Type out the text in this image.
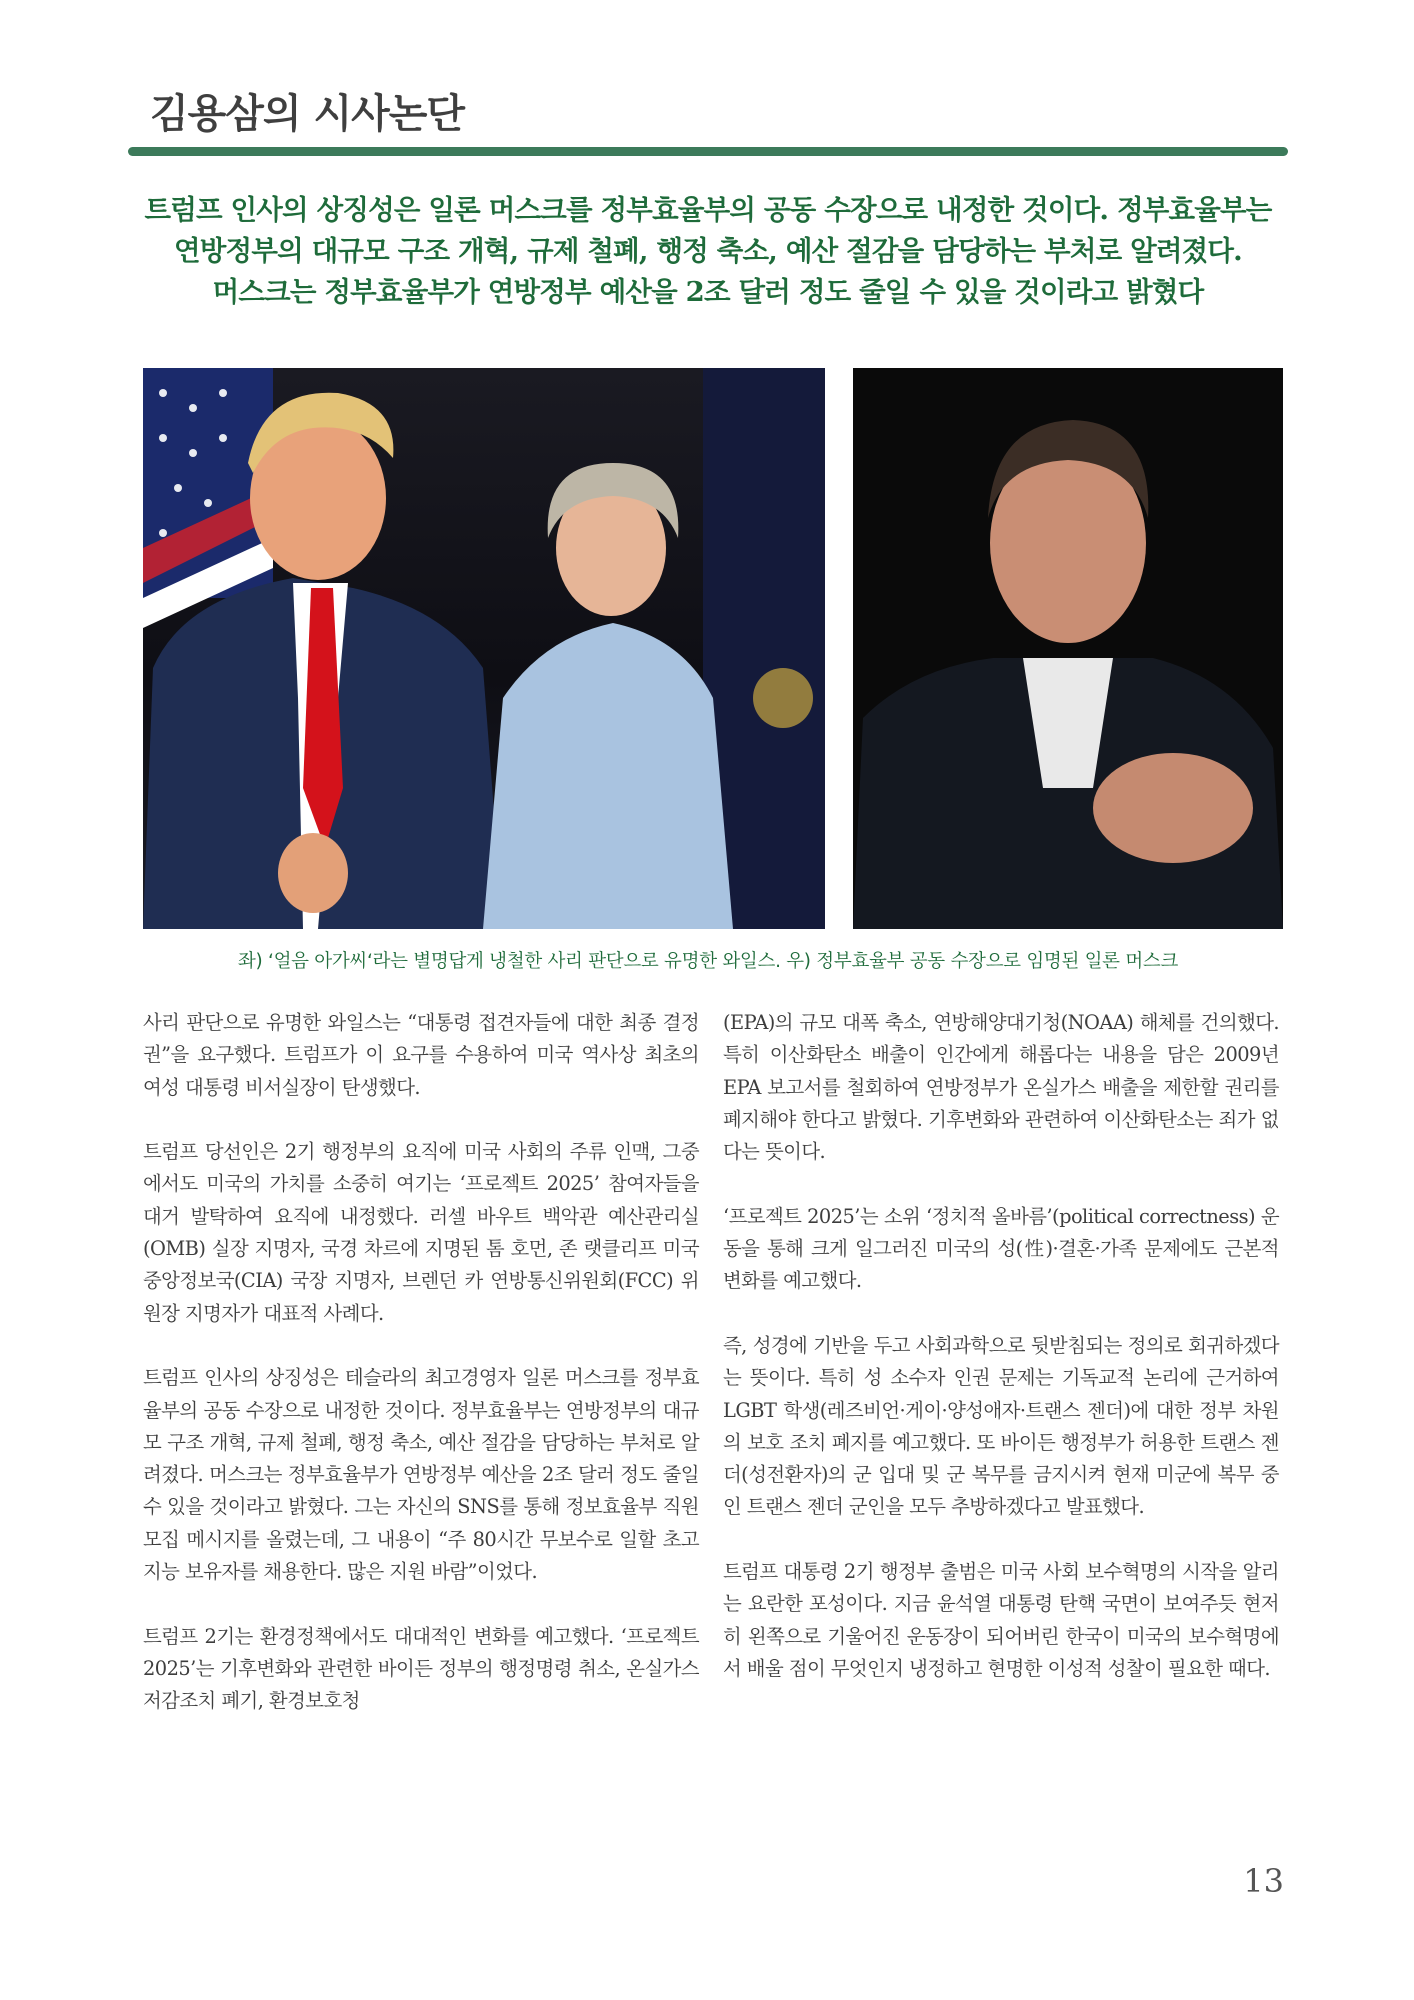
김용삼의 시사논단
트럼프 인사의 상징성은 일론 머스크를 정부효율부의 공동 수장으로 내정한 것이다. 정부효율부는
연방정부의 대규모 구조 개혁, 규제 철폐, 행정 축소, 예산 절감을 담당하는 부처로 알려졌다.
머스크는 정부효율부가 연방정부 예산을 2조 달러 정도 줄일 수 있을 것이라고 밝혔다
좌) ‘얼음 아가씨‘라는 별명답게 냉철한 사리 판단으로 유명한 와일스. 우) 정부효율부 공동 수장으로 임명된 일론 머스크

사리 판단으로 유명한 와일스는 “대통령 접견자들에 대한 최종 결정권”을 요구했다. 트럼프가 이 요구를 수용하여 미국 역사상 최초의 여성 대통령 비서실장이 탄생했다.

트럼프 당선인은 2기 행정부의 요직에 미국 사회의 주류 인맥, 그중에서도 미국의 가치를 소중히 여기는 ‘프로젝트 2025’ 참여자들을 대거 발탁하여 요직에 내정했다. 러셀 바우트 백악관 예산관리실(OMB) 실장 지명자, 국경 차르에 지명된 톰 호먼, 존 랫클리프 미국 중앙정보국(CIA) 국장 지명자, 브렌던 카 연방통신위원회(FCC) 위원장 지명자가 대표적 사례다.

트럼프 인사의 상징성은 테슬라의 최고경영자 일론 머스크를 정부효율부의 공동 수장으로 내정한 것이다. 정부효율부는 연방정부의 대규모 구조 개혁, 규제 철폐, 행정 축소, 예산 절감을 담당하는 부처로 알려졌다. 머스크는 정부효율부가 연방정부 예산을 2조 달러 정도 줄일 수 있을 것이라고 밝혔다. 그는 자신의 SNS를 통해 정보효율부 직원 모집 메시지를 올렸는데, 그 내용이 “주 80시간 무보수로 일할 초고지능 보유자를 채용한다. 많은 지원 바람”이었다.

트럼프 2기는 환경정책에서도 대대적인 변화를 예고했다. ‘프로젝트 2025’는 기후변화와 관련한 바이든 정부의 행정명령 취소, 온실가스 저감조치 폐기, 환경보호청

(EPA)의 규모 대폭 축소, 연방해양대기청(NOAA) 해체를 건의했다. 특히 이산화탄소 배출이 인간에게 해롭다는 내용을 담은 2009년 EPA 보고서를 철회하여 연방정부가 온실가스 배출을 제한할 권리를 폐지해야 한다고 밝혔다. 기후변화와 관련하여 이산화탄소는 죄가 없다는 뜻이다.

‘프로젝트 2025’는 소위 ‘정치적 올바름’(political correctness) 운동을 통해 크게 일그러진 미국의 성(性)·결혼·가족 문제에도 근본적 변화를 예고했다.

즉, 성경에 기반을 두고 사회과학으로 뒷받침되는 정의로 회귀하겠다는 뜻이다. 특히 성 소수자 인권 문제는 기독교적 논리에 근거하여 LGBT 학생(레즈비언·게이·양성애자·트랜스 젠더)에 대한 정부 차원의 보호 조치 폐지를 예고했다. 또 바이든 행정부가 허용한 트랜스 젠더(성전환자)의 군 입대 및 군 복무를 금지시켜 현재 미군에 복무 중인 트랜스 젠더 군인을 모두 추방하겠다고 발표했다.

트럼프 대통령 2기 행정부 출범은 미국 사회 보수혁명의 시작을 알리는 요란한 포성이다. 지금 윤석열 대통령 탄핵 국면이 보여주듯 현저히 왼쪽으로 기울어진 운동장이 되어버린 한국이 미국의 보수혁명에서 배울 점이 무엇인지 냉정하고 현명한 이성적 성찰이 필요한 때다.

13
